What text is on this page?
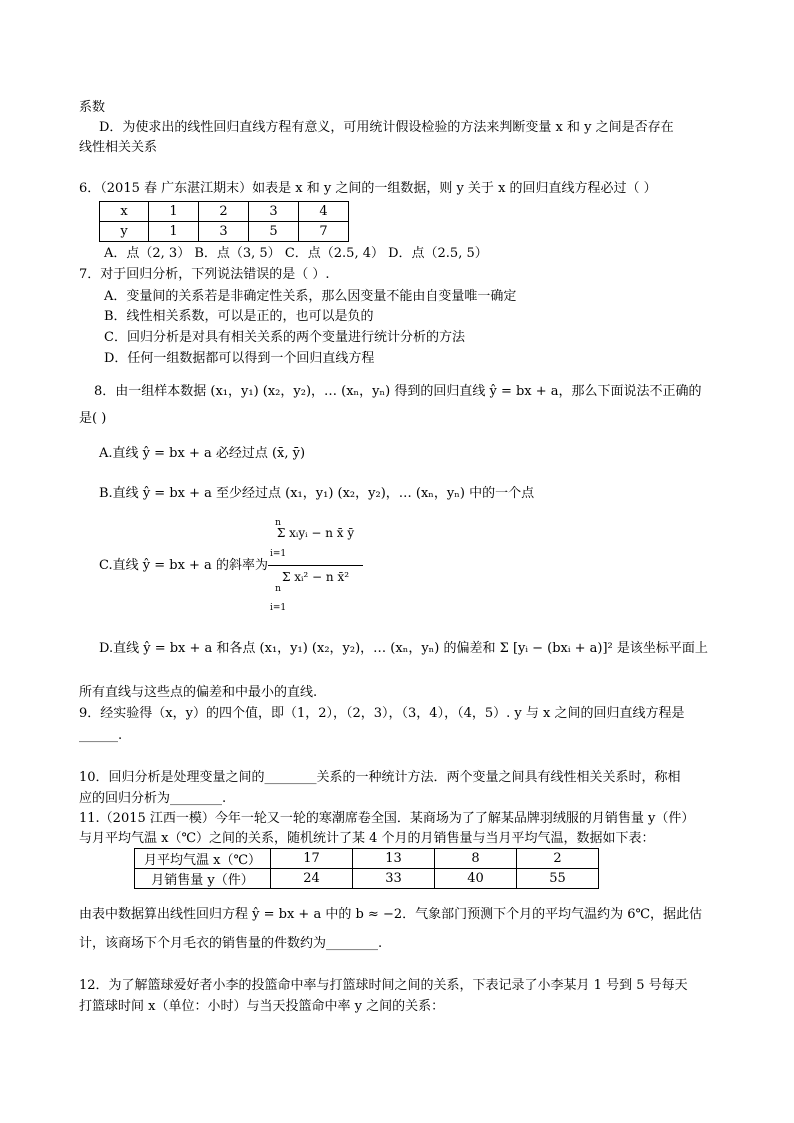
系数
D．为使求出的线性回归直线方程有意义，可用统计假设检验的方法来判断变量 x 和 y 之间是否存在
线性相关关系
6．（2015 春 广东湛江期末）如表是 x 和 y 之间的一组数据，则 y 关于 x 的回归直线方程必过（ ）
x	1	2	3	4
y	1	3	5	7
A．点（2, 3） B．点（3, 5） C．点（2.5, 4） D．点（2.5, 5）
7．对于回归分析，下列说法错误的是（ ）.
A．变量间的关系若是非确定性关系，那么因变量不能由自变量唯一确定
B．线性相关系数，可以是正的，也可以是负的
C．回归分析是对具有相关关系的两个变量进行统计分析的方法
D．任何一组数据都可以得到一个回归直线方程
8．由一组样本数据 (x₁，y₁) (x₂，y₂)，… (xₙ，yₙ) 得到的回归直线 ŷ = bx + a，那么下面说法不正确的
是( )
A.直线 ŷ = bx + a 必经过点 (x̄, ȳ)
B.直线 ŷ = bx + a 至少经过点 (x₁，y₁) (x₂，y₂)，… (xₙ，yₙ) 中的一个点
C.直线 ŷ = bx + a 的斜率为
Σ xᵢyᵢ − n x̄ ȳ
Σ xᵢ² − n x̄²
n
i=1
n
i=1
D.直线 ŷ = bx + a 和各点 (x₁，y₁) (x₂，y₂)，… (xₙ，yₙ) 的偏差和 Σ [yᵢ − (bxᵢ + a)]² 是该坐标平面上
所有直线与这些点的偏差和中最小的直线.
9．经实验得（x，y）的四个值，即（1，2），（2，3），（3，4），（4，5）. y 与 x 之间的回归直线方程是
______.
10．回归分析是处理变量之间的________关系的一种统计方法．两个变量之间具有线性相关关系时，称相
应的回归分析为________.
11.（2015 江西一模）今年一轮又一轮的寒潮席卷全国．某商场为了了解某品牌羽绒服的月销售量 y（件）
与月平均气温 x（℃）之间的关系，随机统计了某 4 个月的月销售量与当月平均气温，数据如下表：
月平均气温 x（℃）	17	13	8	2
月销售量 y（件）	24	33	40	55
由表中数据算出线性回归方程 ŷ = bx + a 中的 b ≈ −2．气象部门预测下个月的平均气温约为 6℃，据此估
计，该商场下个月毛衣的销售量的件数约为________.
12．为了解篮球爱好者小李的投篮命中率与打篮球时间之间的关系，下表记录了小李某月 1 号到 5 号每天
打篮球时间 x（单位：小时）与当天投篮命中率 y 之间的关系：
